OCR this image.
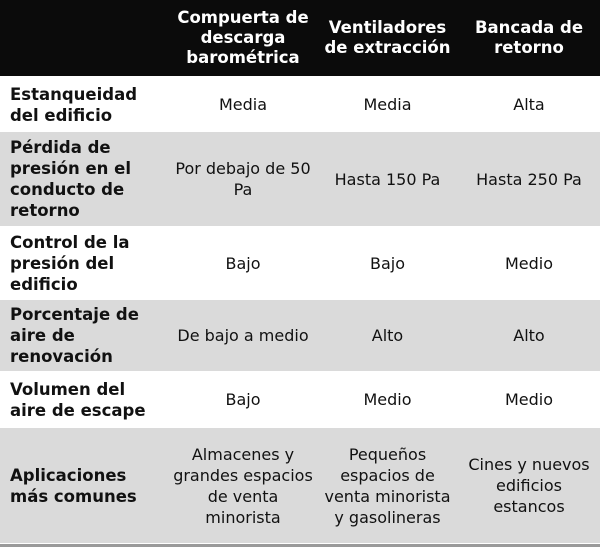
	Compuerta de descarga barométrica	Ventiladores de extracción	Bancada de retorno
Estanqueidad del edificio	Media	Media	Alta
Pérdida de presión en el conducto de retorno	Por debajo de 50 Pa	Hasta 150 Pa	Hasta 250 Pa
Control de la presión del edificio	Bajo	Bajo	Medio
Porcentaje de aire de renovación	De bajo a medio	Alto	Alto
Volumen del aire de escape	Bajo	Medio	Medio
Aplicaciones más comunes	Almacenes y grandes espacios de venta minorista	Pequeños espacios de venta minorista y gasolineras	Cines y nuevos edificios estancos
